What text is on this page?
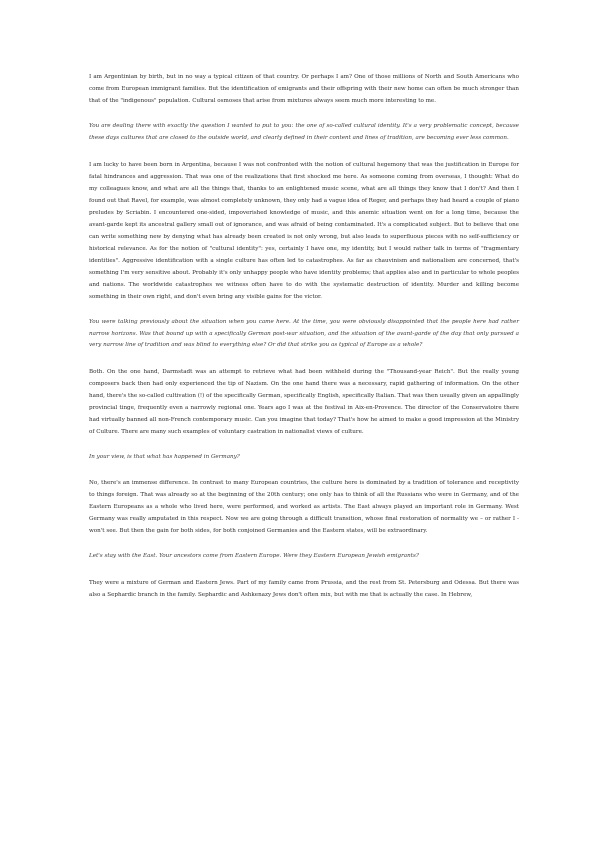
I am Argentinian by birth, but in no way a typical citizen of that country. Or perhaps I am? One of those millions of North and South Americans who come from European immigrant families. But the identification of emigrants and their offspring with their new home can often be much stronger than that of the "indigenous" population. Cultural osmoses that arise from mixtures always seem much more interesting to me.

You are dealing there with exactly the question I wanted to put to you: the one of so-called cultural identity. It's a very problematic concept, because these days cultures that are closed to the outside world, and clearly defined in their content and lines of tradition, are becoming ever less common.

I am lucky to have been born in Argentina, because I was not confronted with the notion of cultural hegemony that was the justification in Europe for fatal hindrances and aggression. That was one of the realizations that first shocked me here. As someone coming from overseas, I thought: What do my colleagues know, and what are all the things that, thanks to an enlightened music scene, what are all things they know that I don't? And then I found out that Ravel, for example, was almost completely unknown, they only had a vague idea of Reger, and perhaps they had heard a couple of piano preludes by Scriabin. I encountered one-sided, impoverished knowledge of music, and this anemic situation went on for a long time, because the avant-garde kept its ancestral gallery small out of ignorance, and was afraid of being contaminated. It's a complicated subject. But to believe that one can write something new by denying what has already been created is not only wrong, but also leads to superfluous pieces with no self-sufficiency or historical relevance. As for the notion of "cultural identity": yes, certainly I have one, my identity, but I would rather talk in terms of "fragmentary identities". Aggressive identification with a single culture has often led to catastrophes. As far as chauvinism and nationalism are concerned, that's something I'm very sensitive about. Probably it's only unhappy people who have identity problems; that applies also and in particular to whole peoples and nations. The worldwide catastrophes we witness often have to do with the systematic destruction of identity. Murder and killing become something in their own right, and don't even bring any visible gains for the victor.

You were talking previously about the situation when you came here. At the time, you were obviously disappointed that the people here had rather narrow horizons. Was that bound up with a specifically German post-war situation, and the situation of the avant-garde of the day that only pursued a very narrow line of tradition and was blind to everything else? Or did that strike you as typical of Europe as a whole?

Both. On the one hand, Darmstadt was an attempt to retrieve what had been withheld during the "Thousand-year Reich". But the really young composers back then had only experienced the tip of Nazism. On the one hand there was a necessary, rapid gathering of information. On the other hand, there's the so-called cultivation (!) of the specifically German, specifically English, specifically Italian. That was then usually given an appallingly provincial tinge, frequently even a narrowly regional one. Years ago I was at the festival in Aix-en-Provence. The director of the Conservatoire there had virtually banned all non-French contemporary music. Can you imagine that today? That's how he aimed to make a good impression at the Ministry of Culture. There are many such examples of voluntary castration in nationalist views of culture.

In your view, is that what has happened in Germany?

No, there's an immense difference. In contrast to many European countries, the culture here is dominated by a tradition of tolerance and receptivity to things foreign. That was already so at the beginning of the 20th century; one only has to think of all the Russians who were in Germany, and of the Eastern Europeans as a whole who lived here, were performed, and worked as artists. The East always played an important role in Germany. West Germany was really amputated in this respect. Now we are going through a difficult transition, whose final restoration of normality we – or rather I - won't see. But then the gain for both sides, for both conjoined Germanies and the Eastern states, will be extraordinary.

Let's stay with the East. Your ancestors come from Eastern Europe. Were they Eastern European Jewish emigrants?

They were a mixture of German and Eastern Jews. Part of my family came from Prussia, and the rest from St. Petersburg and Odessa. But there was also a Sephardic branch in the family. Sephardic and Ashkenazy Jews don't often mix, but with me that is actually the case. In Hebrew,
